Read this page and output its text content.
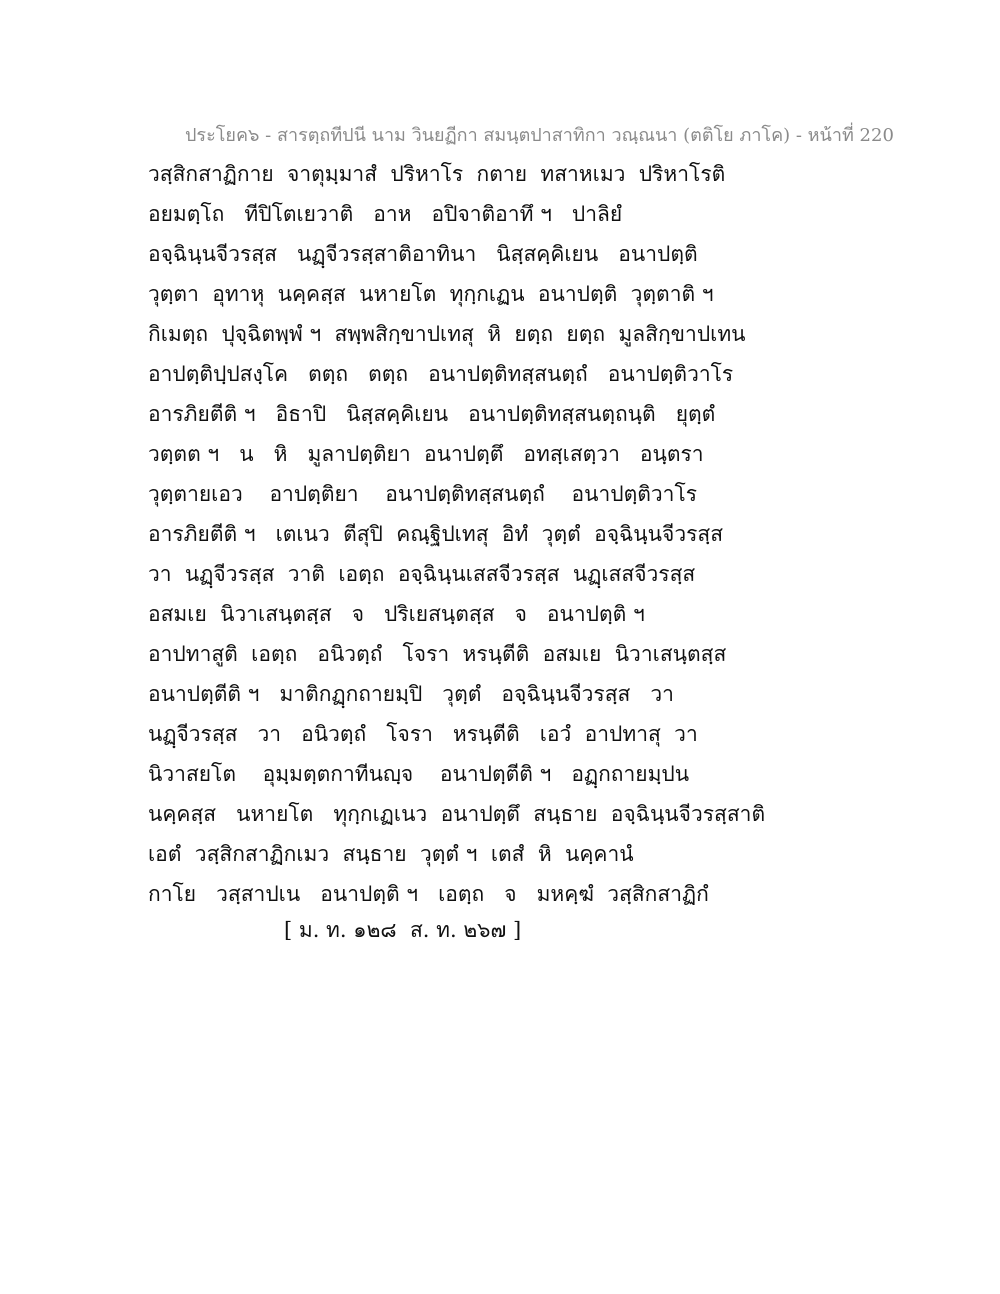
ประโยค๖ - สารตฺถทีปนี นาม วินยฏีกา สมนฺตปาสาทิกา วณฺณนา (ตติโย ภาโค) - หน้าที่ 220
วสฺสิกสาฏิกาย  จาตุมฺมาสํ  ปริหาโร  กตาย  ทสาหเมว  ปริหาโรติ
อยมตฺโถ   ทีปิโตเยวาติ   อาห   อปิจาติอาทึ ฯ   ปาลิยํ
อจฺฉินฺนจีวรสฺส   นฏฺจีวรสฺสาติอาทินา   นิสฺสคฺคิเยน   อนาปตฺติ
วุตฺตา  อุทาหุ  นคฺคสฺส  นหายโต  ทุกฺกเฏน  อนาปตฺติ  วุตฺตาติ ฯ
กิเมตฺถ  ปุจฺฉิตพฺพํ ฯ  สพฺพสิกฺขาปเทสุ  หิ  ยตฺถ  ยตฺถ  มูลสิกฺขาปเทน
อาปตฺติปฺปสงฺโค   ตตฺถ   ตตฺถ   อนาปตฺติทสฺสนตฺถํ   อนาปตฺติวาโร
อารภิยตีติ ฯ   อิธาปิ   นิสฺสคฺคิเยน   อนาปตฺติทสฺสนตฺถนฺติ   ยุตฺตํ
วตฺตต ฯ   น   หิ   มูลาปตฺติยา  อนาปตฺตึ   อทสฺเสตฺวา   อนฺตรา
วุตฺตายเอว    อาปตฺติยา    อนาปตฺติทสฺสนตฺถํ    อนาปตฺติวาโร
อารภิยตีติ ฯ   เตเนว  ตีสุปิ  คณฺฐิปเทสุ  อิทํ  วุตฺตํ  อจฺฉินฺนจีวรสฺส
วา  นฏฺจีวรสฺส  วาติ  เอตฺถ  อจฺฉินฺนเสสจีวรสฺส  นฏฺเสสจีวรสฺส
อสมเย  นิวาเสนฺตสฺส   จ   ปริเยสนฺตสฺส   จ   อนาปตฺติ ฯ
อาปทาสูติ  เอตฺถ   อนิวตฺถํ   โจรา  หรนฺตีติ  อสมเย  นิวาเสนฺตสฺส
อนาปตฺตีติ ฯ   มาติกฏฺกถายมฺปิ   วุตฺตํ   อจฺฉินฺนจีวรสฺส   วา
นฏฺจีวรสฺส   วา   อนิวตฺถํ   โจรา   หรนฺตีติ   เอวํ  อาปทาสุ  วา
นิวาสยโต    อุมฺมตฺตกาทีนญฺจ    อนาปตฺตีติ ฯ   อฏฺกถายมฺปน
นคฺคสฺส   นหายโต   ทุกฺกเฏเนว  อนาปตฺตึ  สนฺธาย  อจฺฉินฺนจีวรสฺสาติ
เอตํ  วสฺสิกสาฏิกเมว  สนฺธาย  วุตฺตํ ฯ  เตสํ  หิ  นคฺคานํ
กาโย   วสฺสาปเน   อนาปตฺติ ฯ   เอตฺถ   จ   มหคฺฆํ  วสฺสิกสาฏิกํ
[ ม. ท. ๑๒๘  ส. ท. ๒๖๗ ]
